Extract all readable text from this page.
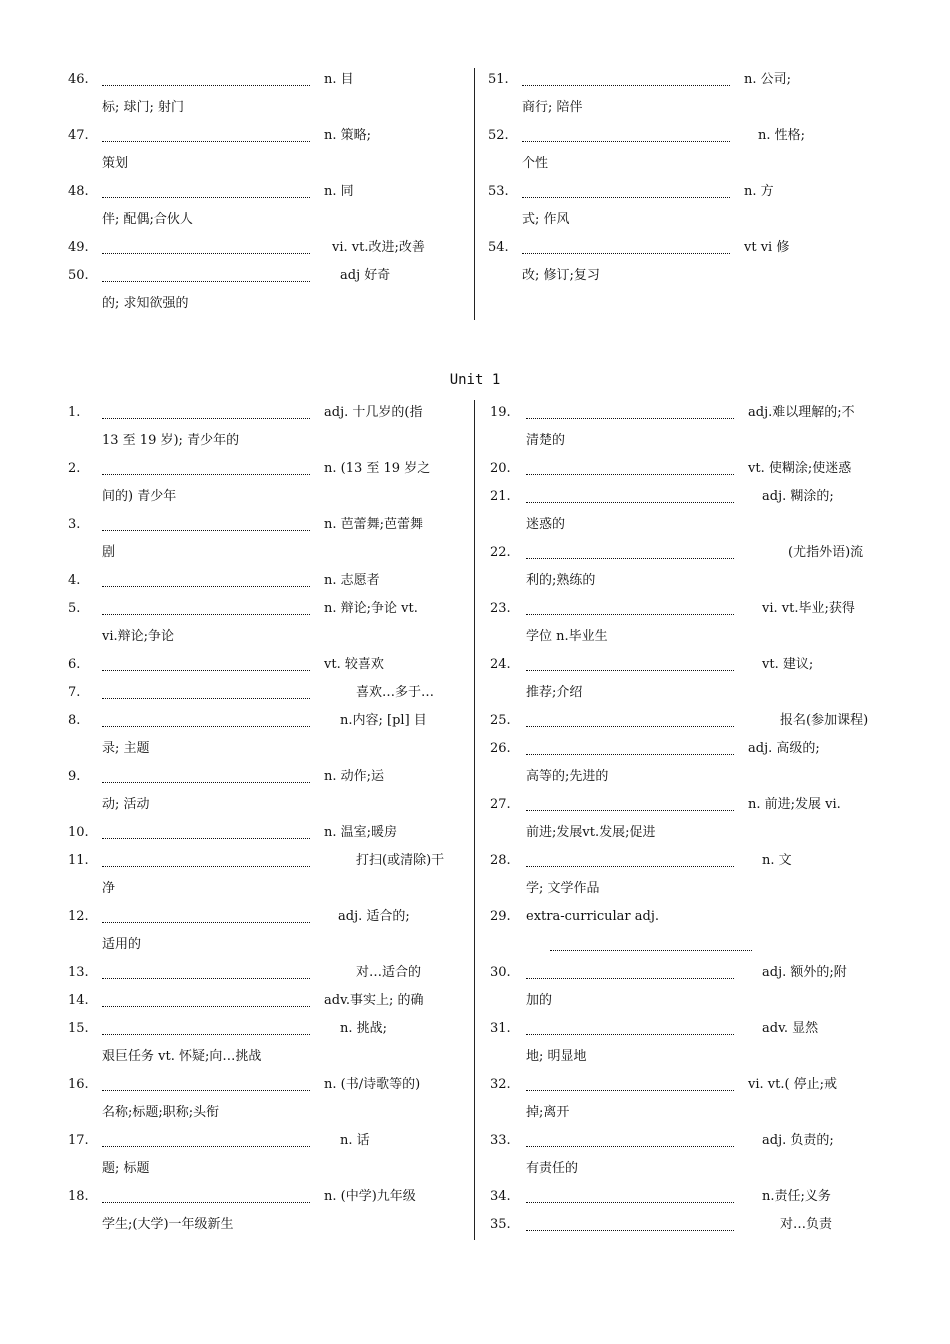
46.	n. 目
标; 球门; 射门
47.	n. 策略;
策划
48.	n. 同
伴; 配偶;合伙人
49.	vi. vt.改进;改善
50.	adj 好奇
的; 求知欲强的
51.	n. 公司;
商行; 陪伴
52.	n. 性格;
个性
53.	n. 方
式; 作风
54.	vt vi 修
改; 修订;复习
Unit 1
1.	adj. 十几岁的(指
13 至 19 岁); 青少年的
2.	n. (13 至 19 岁之
间的) 青少年
3.	n. 芭蕾舞;芭蕾舞
剧
4.	n. 志愿者
5.	n. 辩论;争论 vt.
vi.辩论;争论
6.	vt. 较喜欢
7.	喜欢…多于…
8.	n.内容; [pl] 目
录; 主题
9.	n. 动作;运
动; 活动
10.	n. 温室;暖房
11.	打扫(或清除)干
净
12.	adj. 适合的;
适用的
13.	对…适合的
14.	adv.事实上; 的确
15.	n. 挑战;
艰巨任务 vt. 怀疑;向…挑战
16.	n. (书/诗歌等的)
名称;标题;职称;头衔
17.	n. 话
题; 标题
18.	n. (中学)九年级
学生;(大学)一年级新生
19.	adj.难以理解的;不
清楚的
20.	vt. 使糊涂;使迷惑
21.	adj. 糊涂的;
迷惑的
22.	(尤指外语)流
利的;熟练的
23.	vi. vt.毕业;获得
学位 n.毕业生
24.	vt. 建议;
推荐;介绍
25.	报名(参加课程)
26.	adj. 高级的;
高等的;先进的
27.	n. 前进;发展 vi.
前进;发展vt.发展;促进
28.	n. 文
学; 文学作品
29. extra-curricular adj.
30.	adj. 额外的;附
加的
31.	adv. 显然
地; 明显地
32.	vi. vt.( 停止;戒
掉;离开
33.	adj. 负责的;
有责任的
34.	n.责任;义务
35.	对…负责
